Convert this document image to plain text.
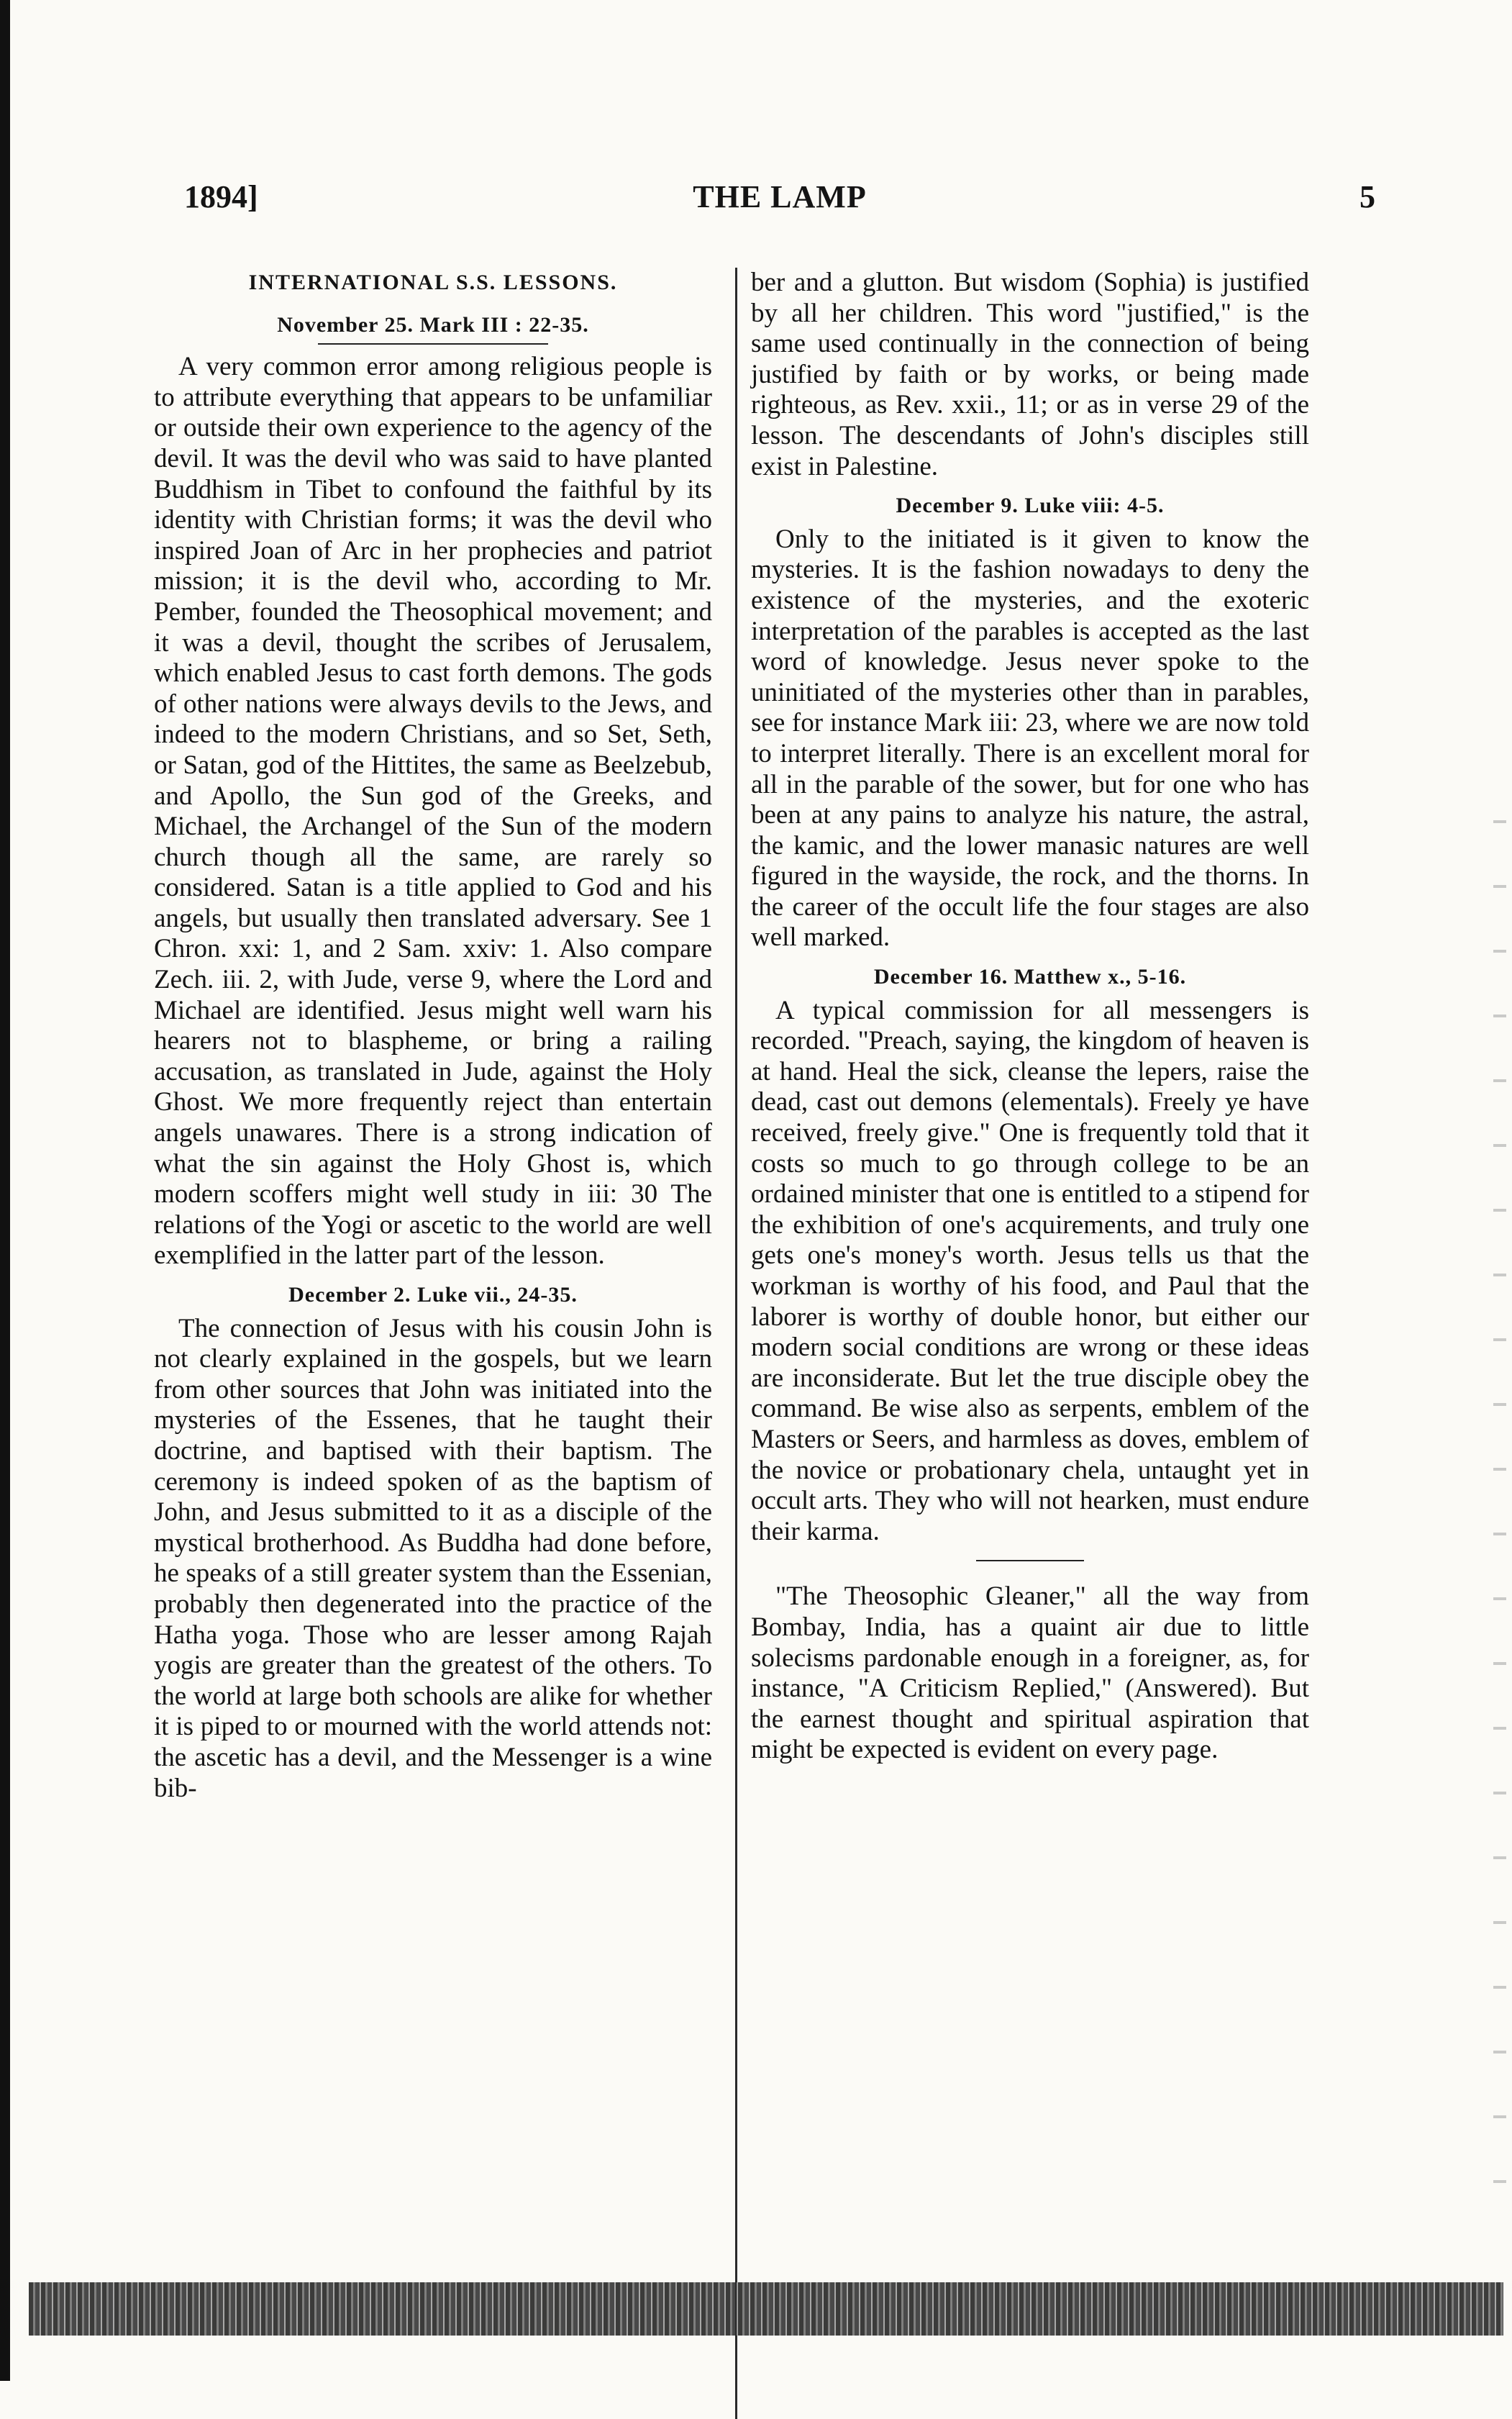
1894]	THE LAMP	5
INTERNATIONAL S.S. LESSONS.
November 25. Mark III : 22-35.

A very common error among religious people is to attribute everything that appears to be unfamiliar or outside their own experience to the agency of the devil. It was the devil who was said to have planted Buddhism in Tibet to confound the faithful by its identity with Christian forms; it was the devil who inspired Joan of Arc in her prophecies and patriot mission; it is the devil who, according to Mr. Pember, founded the Theosophical movement; and it was a devil, thought the scribes of Jerusalem, which enabled Jesus to cast forth demons. The gods of other nations were always devils to the Jews, and indeed to the modern Christians, and so Set, Seth, or Satan, god of the Hittites, the same as Beelzebub, and Apollo, the Sun god of the Greeks, and Michael, the Archangel of the Sun of the modern church though all the same, are rarely so considered. Satan is a title applied to God and his angels, but usually then translated adversary. See 1 Chron. xxi: 1, and 2 Sam. xxiv: 1. Also compare Zech. iii. 2, with Jude, verse 9, where the Lord and Michael are identified. Jesus might well warn his hearers not to blaspheme, or bring a railing accusation, as translated in Jude, against the Holy Ghost. We more frequently reject than entertain angels unawares. There is a strong indication of what the sin against the Holy Ghost is, which modern scoffers might well study in iii: 30 The relations of the Yogi or ascetic to the world are well exemplified in the latter part of the lesson.

December 2. Luke vii., 24-35.

The connection of Jesus with his cousin John is not clearly explained in the gospels, but we learn from other sources that John was initiated into the mysteries of the Essenes, that he taught their doctrine, and baptised with their baptism. The ceremony is indeed spoken of as the baptism of John, and Jesus submitted to it as a disciple of the mystical brotherhood. As Buddha had done before, he speaks of a still greater system than the Essenian, probably then degenerated into the practice of the Hatha yoga. Those who are lesser among Rajah yogis are greater than the greatest of the others. To the world at large both schools are alike for whether it is piped to or mourned with the world attends not: the ascetic has a devil, and the Messenger is a wine bib-

ber and a glutton. But wisdom (Sophia) is justified by all her children. This word "justified," is the same used continually in the connection of being justified by faith or by works, or being made righteous, as Rev. xxii., 11; or as in verse 29 of the lesson. The descendants of John's disciples still exist in Palestine.

December 9. Luke viii: 4-5.

Only to the initiated is it given to know the mysteries. It is the fashion nowadays to deny the existence of the mysteries, and the exoteric interpretation of the parables is accepted as the last word of knowledge. Jesus never spoke to the uninitiated of the mysteries other than in parables, see for instance Mark iii: 23, where we are now told to interpret literally. There is an excellent moral for all in the parable of the sower, but for one who has been at any pains to analyze his nature, the astral, the kamic, and the lower manasic natures are well figured in the wayside, the rock, and the thorns. In the career of the occult life the four stages are also well marked.

December 16. Matthew x., 5-16.

A typical commission for all messengers is recorded. "Preach, saying, the kingdom of heaven is at hand. Heal the sick, cleanse the lepers, raise the dead, cast out demons (elementals). Freely ye have received, freely give." One is frequently told that it costs so much to go through college to be an ordained minister that one is entitled to a stipend for the exhibition of one's acquirements, and truly one gets one's money's worth. Jesus tells us that the workman is worthy of his food, and Paul that the laborer is worthy of double honor, but either our modern social conditions are wrong or these ideas are inconsiderate. But let the true disciple obey the command. Be wise also as serpents, emblem of the Masters or Seers, and harmless as doves, emblem of the novice or probationary chela, untaught yet in occult arts. They who will not hearken, must endure their karma.

"The Theosophic Gleaner," all the way from Bombay, India, has a quaint air due to little solecisms pardonable enough in a foreigner, as, for instance, "A Criticism Replied," (Answered). But the earnest thought and spiritual aspiration that might be expected is evident on every page.
